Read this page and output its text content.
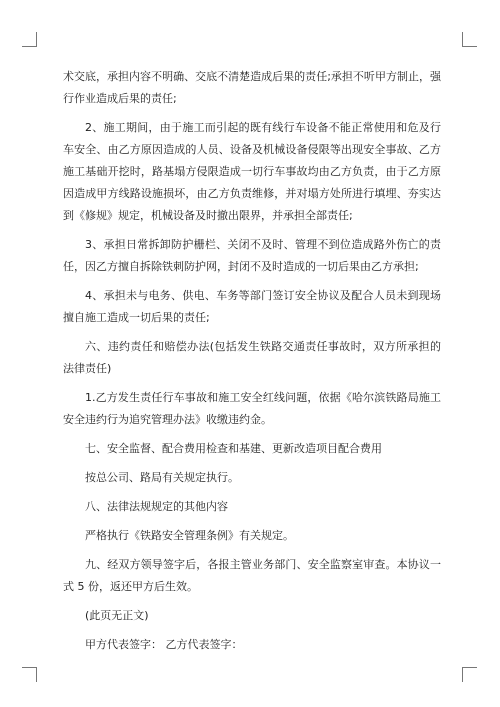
术交底，承担内容不明确、交底不清楚造成后果的责任;承担不听甲方制止，强行作业造成后果的责任;

2、施工期间，由于施工而引起的既有线行车设备不能正常使用和危及行车安全、由乙方原因造成的人员、设备及机械设备侵限等出现安全事故、乙方施工基础开挖时，路基塌方侵限造成一切行车事故均由乙方负责，由于乙方原因造成甲方线路设施损坏，由乙方负责维修，并对塌方处所进行填埋、夯实达到《修规》规定，机械设备及时撤出限界，并承担全部责任;

3、承担日常拆卸防护栅栏、关闭不及时、管理不到位造成路外伤亡的责任，因乙方擅自拆除铁刺防护网，封闭不及时造成的一切后果由乙方承担;

4、承担未与电务、供电、车务等部门签订安全协议及配合人员未到现场擅自施工造成一切后果的责任;

六、违约责任和赔偿办法(包括发生铁路交通责任事故时，双方所承担的法律责任)

1.乙方发生责任行车事故和施工安全红线问题，依据《哈尔滨铁路局施工安全违约行为追究管理办法》收缴违约金。

七、安全监督、配合费用检查和基建、更新改造项目配合费用

按总公司、路局有关规定执行。

八、法律法规规定的其他内容

严格执行《铁路安全管理条例》有关规定。

九、经双方领导签字后，各报主管业务部门、安全监察室审查。本协议一式 5 份，返还甲方后生效。

(此页无正文)

甲方代表签字： 乙方代表签字：
